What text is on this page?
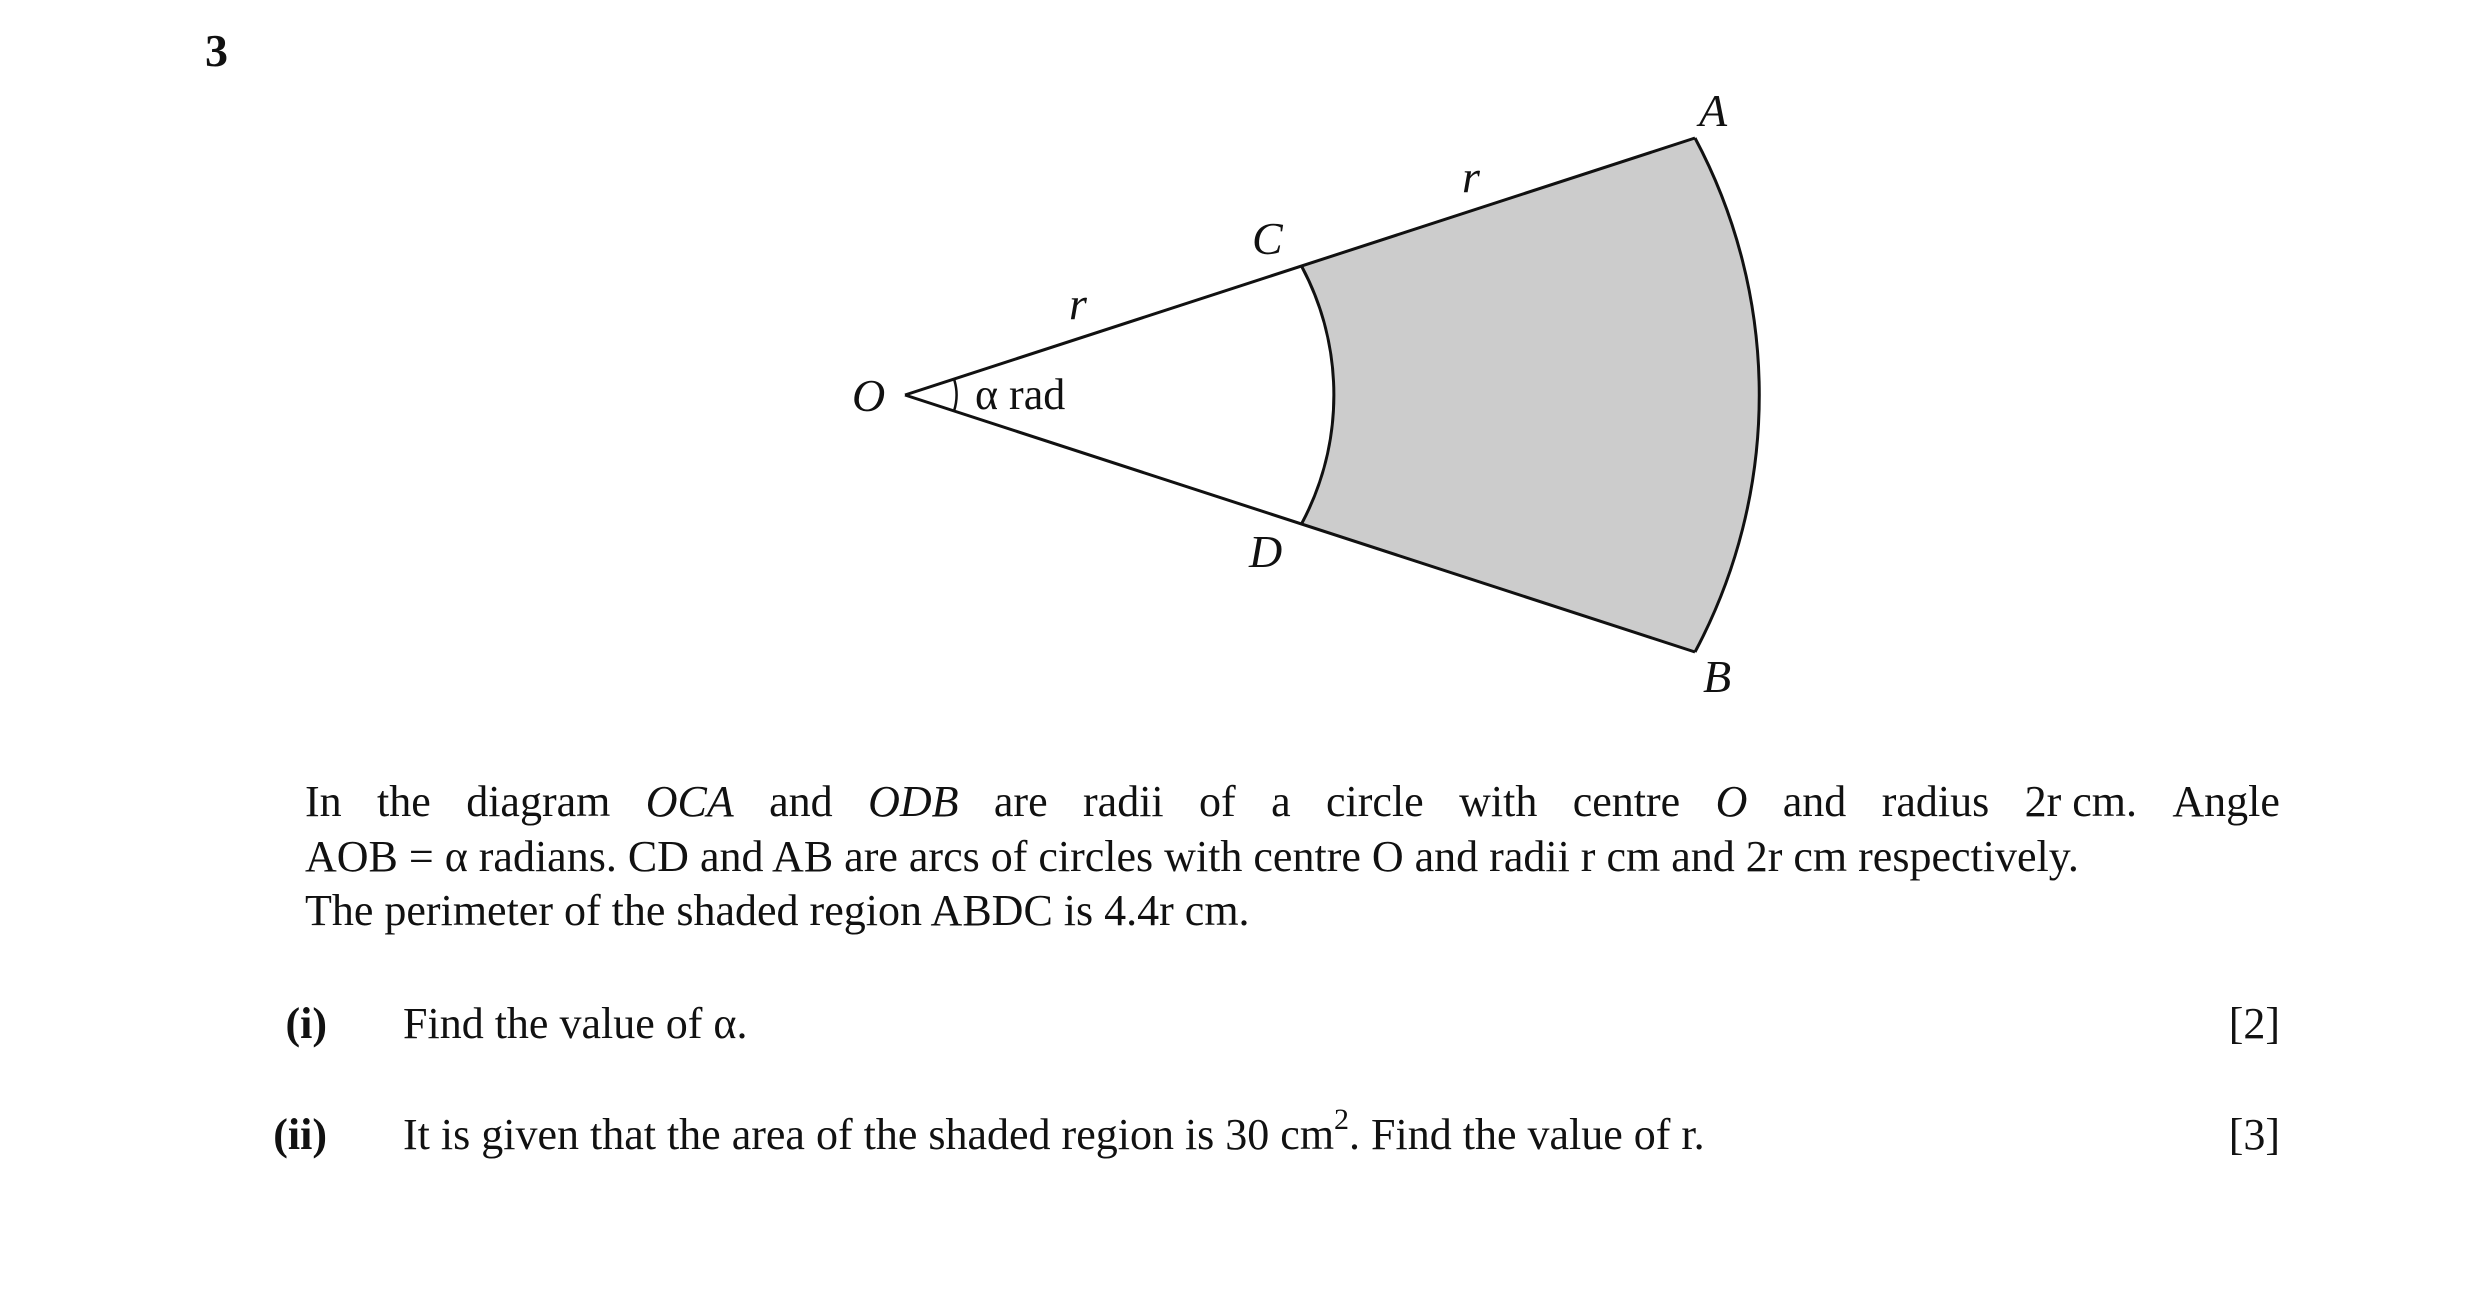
3
O α rad
r
r
C
D
A
B
In the diagram OCA and ODB are radii of a circle with centre O and radius 2r cm. Angle
AOB = α radians. CD and AB are arcs of circles with centre O and radii r cm and 2r cm respectively.
The perimeter of the shaded region ABDC is 4.4r cm.
(i) Find the value of α.	[2]
(ii) It is given that the area of the shaded region is 30 $cm^2$. Find the value of r.	[3]
